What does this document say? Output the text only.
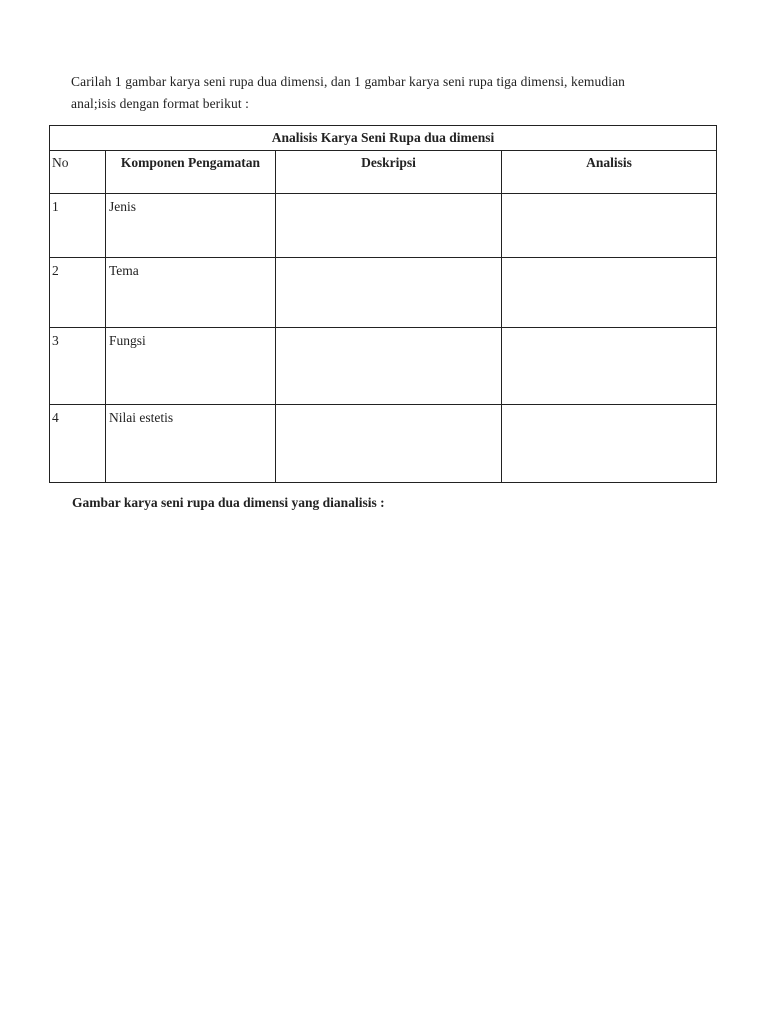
Carilah 1 gambar karya seni rupa dua dimensi, dan 1 gambar karya seni rupa tiga dimensi, kemudian
anal;isis dengan format berikut :
Analisis Karya Seni Rupa dua dimensi			
No	Komponen Pengamatan	Deskripsi	Analisis
1	Jenis		
2	Tema		
3	Fungsi		
4	Nilai estetis		
Gambar karya seni rupa dua dimensi yang dianalisis :
